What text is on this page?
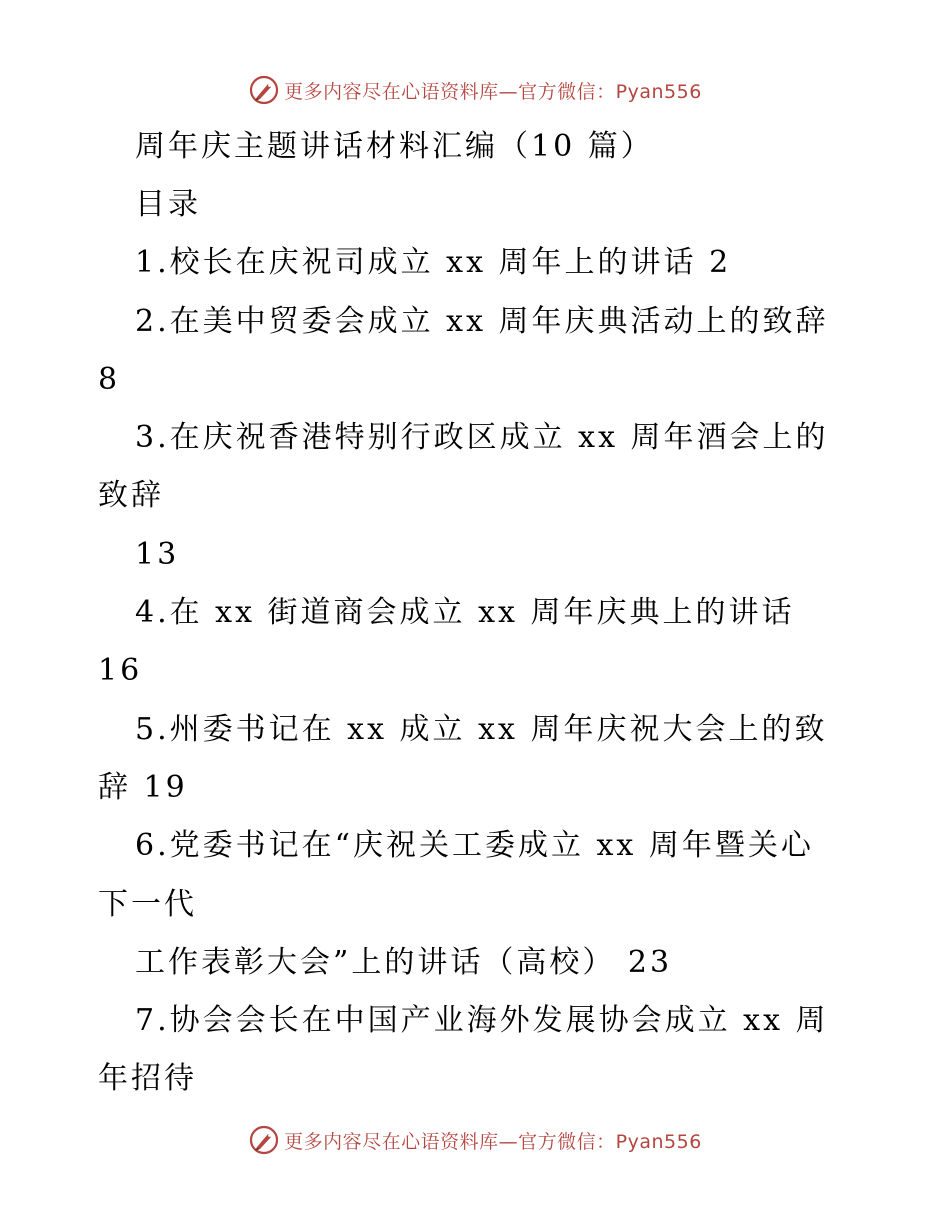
更多内容尽在心语资料库—官方微信：Pyan556
周年庆主题讲话材料汇编（10 篇）
目录
1.校长在庆祝司成立 xx 周年上的讲话 2
2.在美中贸委会成立 xx 周年庆典活动上的致辞
8
3.在庆祝香港特别行政区成立 xx 周年酒会上的
致辞
13
4.在 xx 街道商会成立 xx 周年庆典上的讲话
16
5.州委书记在 xx 成立 xx 周年庆祝大会上的致
辞 19
6.党委书记在“庆祝关工委成立 xx 周年暨关心
下一代
工作表彰大会”上的讲话（高校） 23
7.协会会长在中国产业海外发展协会成立 xx 周
年招待
更多内容尽在心语资料库—官方微信：Pyan556
